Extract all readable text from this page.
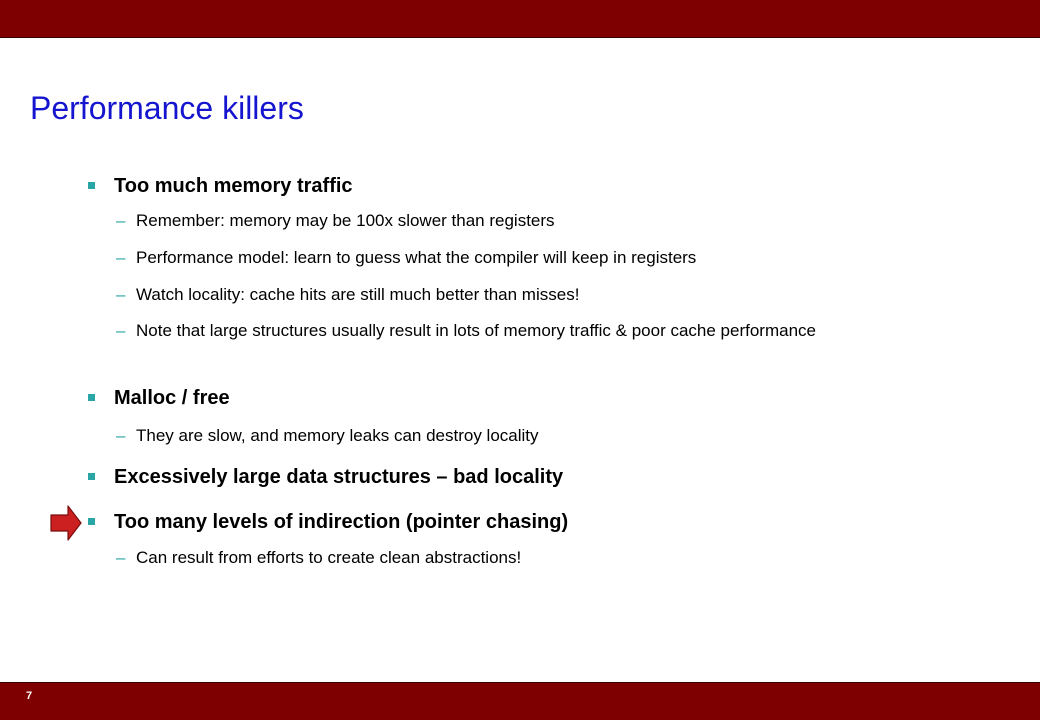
Performance killers
Too much memory traffic
– Remember: memory may be 100x slower than registers
– Performance model: learn to guess what the compiler will keep in registers
– Watch locality: cache hits are still much better than misses!
– Note that large structures usually result in lots of memory traffic & poor cache performance
Malloc / free
– They are slow, and memory leaks can destroy locality
Excessively large data structures – bad locality
Too many levels of indirection (pointer chasing)
– Can result from efforts to create clean abstractions!
7
